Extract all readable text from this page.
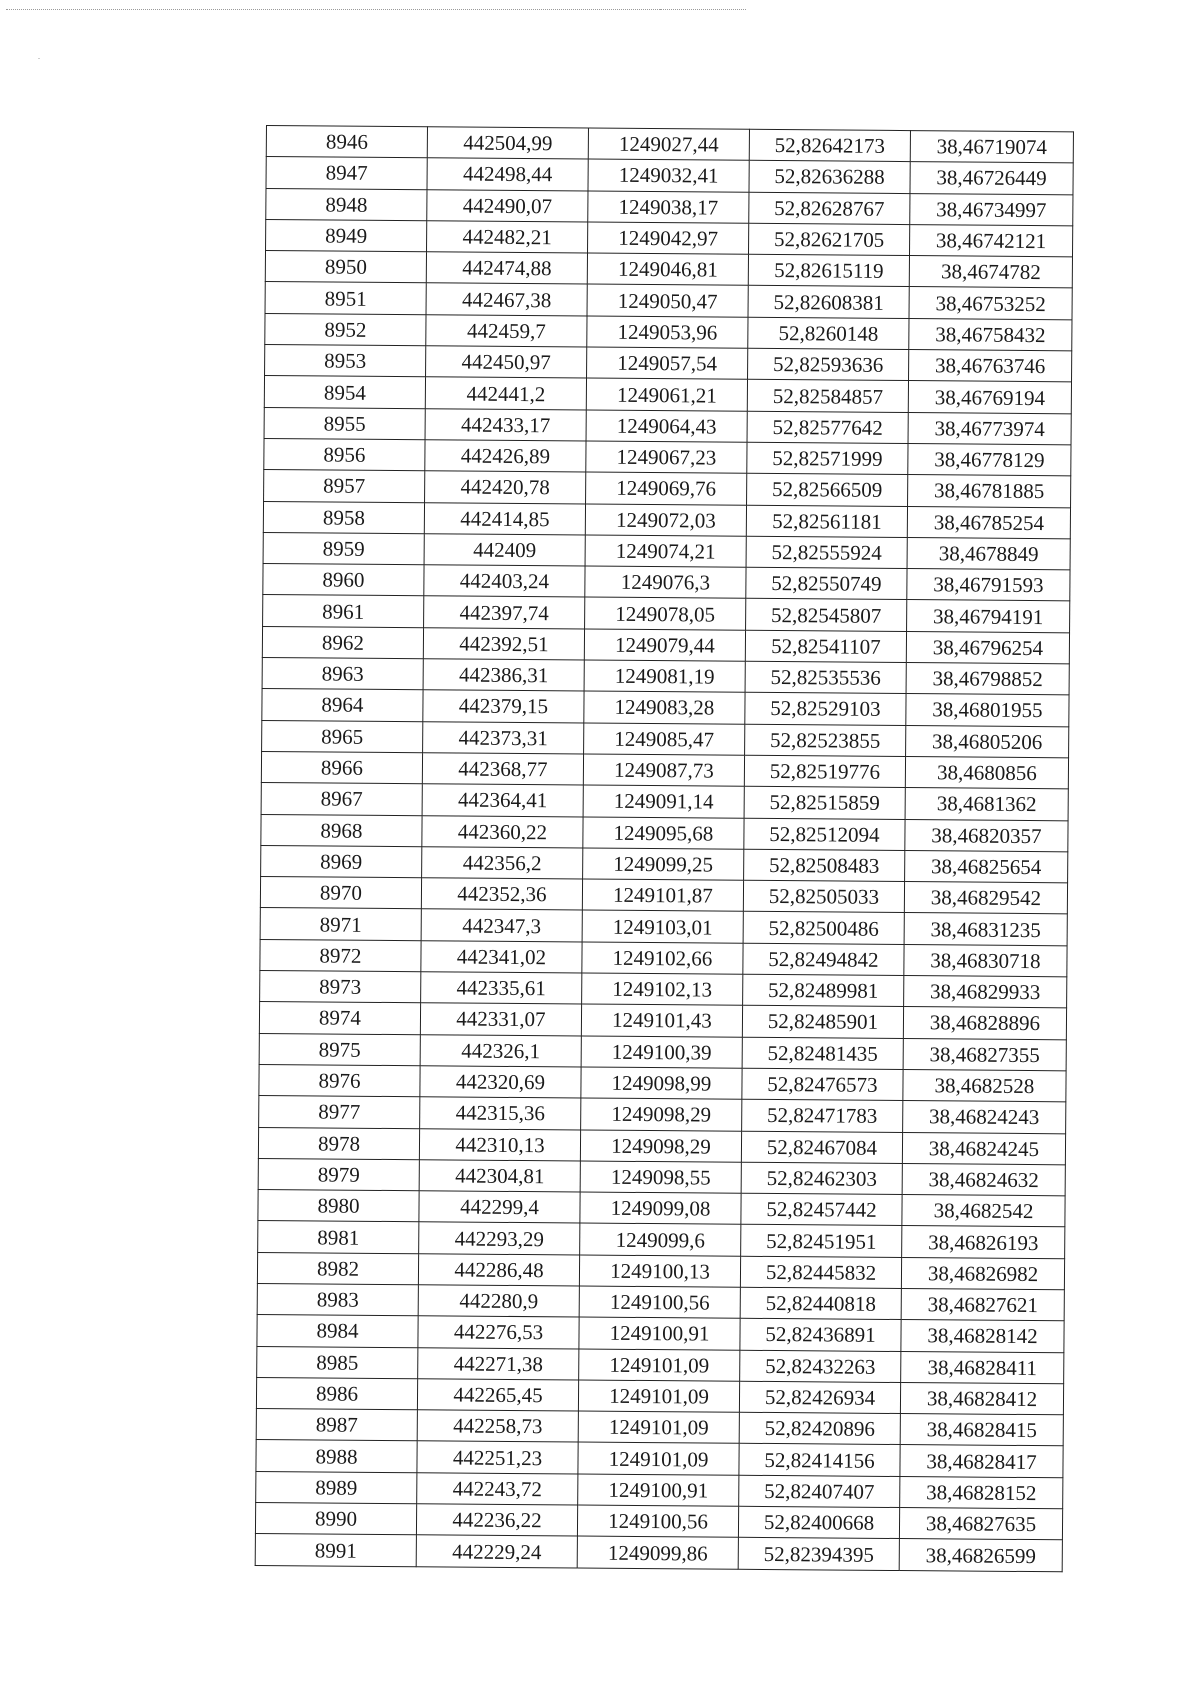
8946	442504,99	1249027,44	52,82642173	38,46719074
8947	442498,44	1249032,41	52,82636288	38,46726449
8948	442490,07	1249038,17	52,82628767	38,46734997
8949	442482,21	1249042,97	52,82621705	38,46742121
8950	442474,88	1249046,81	52,82615119	38,4674782
8951	442467,38	1249050,47	52,82608381	38,46753252
8952	442459,7	1249053,96	52,8260148	38,46758432
8953	442450,97	1249057,54	52,82593636	38,46763746
8954	442441,2	1249061,21	52,82584857	38,46769194
8955	442433,17	1249064,43	52,82577642	38,46773974
8956	442426,89	1249067,23	52,82571999	38,46778129
8957	442420,78	1249069,76	52,82566509	38,46781885
8958	442414,85	1249072,03	52,82561181	38,46785254
8959	442409	1249074,21	52,82555924	38,4678849
8960	442403,24	1249076,3	52,82550749	38,46791593
8961	442397,74	1249078,05	52,82545807	38,46794191
8962	442392,51	1249079,44	52,82541107	38,46796254
8963	442386,31	1249081,19	52,82535536	38,46798852
8964	442379,15	1249083,28	52,82529103	38,46801955
8965	442373,31	1249085,47	52,82523855	38,46805206
8966	442368,77	1249087,73	52,82519776	38,4680856
8967	442364,41	1249091,14	52,82515859	38,4681362
8968	442360,22	1249095,68	52,82512094	38,46820357
8969	442356,2	1249099,25	52,82508483	38,46825654
8970	442352,36	1249101,87	52,82505033	38,46829542
8971	442347,3	1249103,01	52,82500486	38,46831235
8972	442341,02	1249102,66	52,82494842	38,46830718
8973	442335,61	1249102,13	52,82489981	38,46829933
8974	442331,07	1249101,43	52,82485901	38,46828896
8975	442326,1	1249100,39	52,82481435	38,46827355
8976	442320,69	1249098,99	52,82476573	38,4682528
8977	442315,36	1249098,29	52,82471783	38,46824243
8978	442310,13	1249098,29	52,82467084	38,46824245
8979	442304,81	1249098,55	52,82462303	38,46824632
8980	442299,4	1249099,08	52,82457442	38,4682542
8981	442293,29	1249099,6	52,82451951	38,46826193
8982	442286,48	1249100,13	52,82445832	38,46826982
8983	442280,9	1249100,56	52,82440818	38,46827621
8984	442276,53	1249100,91	52,82436891	38,46828142
8985	442271,38	1249101,09	52,82432263	38,46828411
8986	442265,45	1249101,09	52,82426934	38,46828412
8987	442258,73	1249101,09	52,82420896	38,46828415
8988	442251,23	1249101,09	52,82414156	38,46828417
8989	442243,72	1249100,91	52,82407407	38,46828152
8990	442236,22	1249100,56	52,82400668	38,46827635
8991	442229,24	1249099,86	52,82394395	38,46826599
